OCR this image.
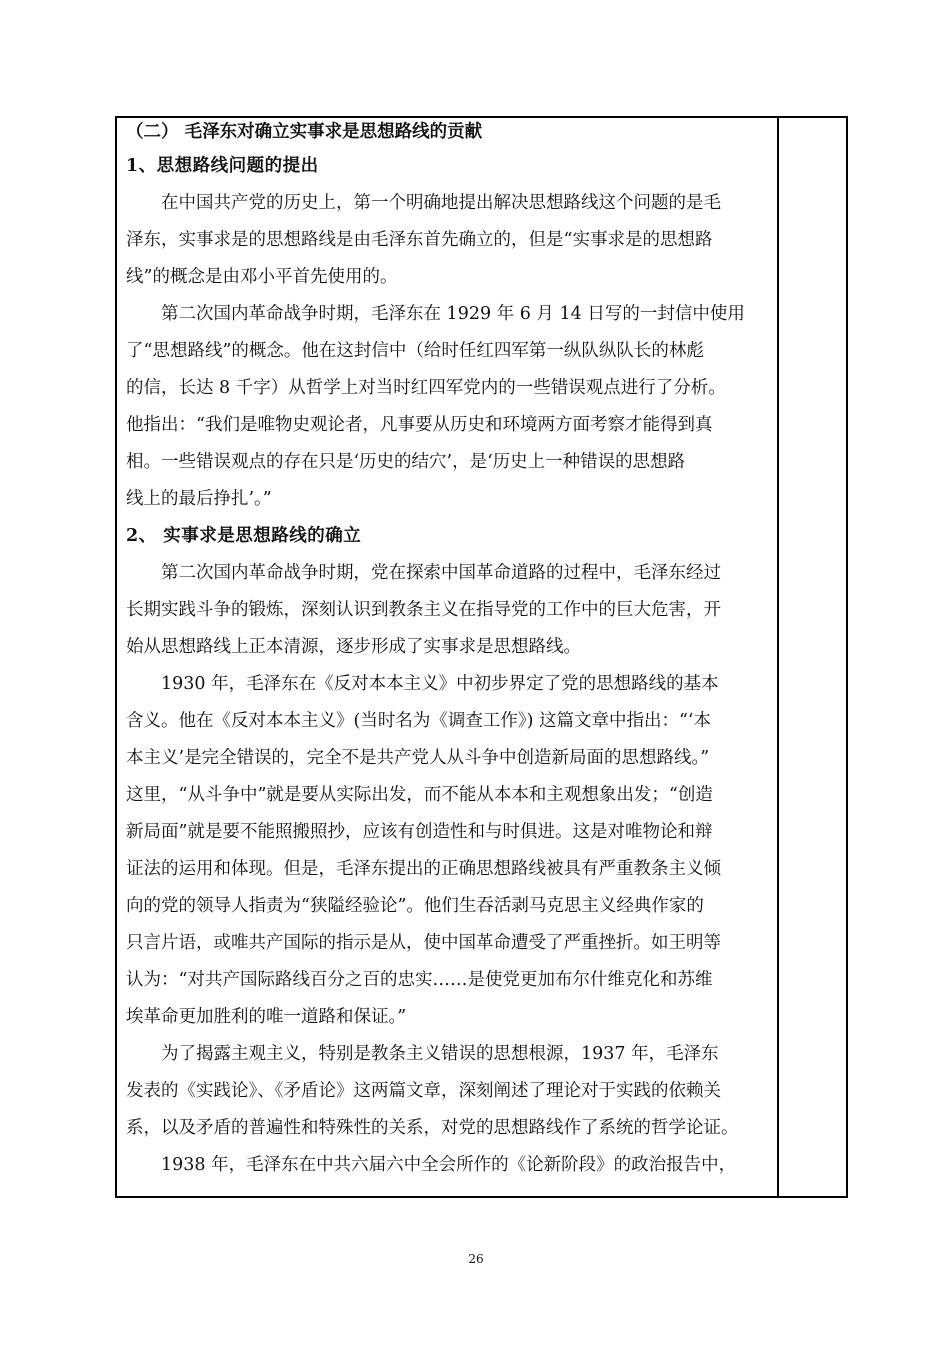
（二） 毛泽东对确立实事求是思想路线的贡献
1、思想路线问题的提出
在中国共产党的历史上，第一个明确地提出解决思想路线这个问题的是毛
泽东，实事求是的思想路线是由毛泽东首先确立的，但是“实事求是的思想路
线”的概念是由邓小平首先使用的。
第二次国内革命战争时期，毛泽东在 1929 年 6 月 14 日写的一封信中使用
了“思想路线”的概念。他在这封信中（给时任红四军第一纵队纵队长的林彪
的信，长达 8 千字）从哲学上对当时红四军党内的一些错误观点进行了分析。
他指出：“我们是唯物史观论者，凡事要从历史和环境两方面考察才能得到真
相。一些错误观点的存在只是‘历史的结穴’，是‘历史上一种错误的思想路
线上的最后挣扎’。”
2、 实事求是思想路线的确立
第二次国内革命战争时期，党在探索中国革命道路的过程中，毛泽东经过
长期实践斗争的锻炼，深刻认识到教条主义在指导党的工作中的巨大危害，开
始从思想路线上正本清源，逐步形成了实事求是思想路线。
1930 年，毛泽东在《反对本本主义》中初步界定了党的思想路线的基本
含义。他在《反对本本主义》(当时名为《调查工作》) 这篇文章中指出：“‘本
本主义’是完全错误的，完全不是共产党人从斗争中创造新局面的思想路线。”
这里，“从斗争中”就是要从实际出发，而不能从本本和主观想象出发；“创造
新局面”就是要不能照搬照抄，应该有创造性和与时俱进。这是对唯物论和辩
证法的运用和体现。但是，毛泽东提出的正确思想路线被具有严重教条主义倾
向的党的领导人指责为“狭隘经验论”。他们生吞活剥马克思主义经典作家的
只言片语，或唯共产国际的指示是从，使中国革命遭受了严重挫折。如王明等
认为：“对共产国际路线百分之百的忠实……是使党更加布尔什维克化和苏维
埃革命更加胜利的唯一道路和保证。”
为了揭露主观主义，特别是教条主义错误的思想根源，1937 年，毛泽东
发表的《实践论》、《矛盾论》这两篇文章，深刻阐述了理论对于实践的依赖关
系，以及矛盾的普遍性和特殊性的关系，对党的思想路线作了系统的哲学论证。
1938 年，毛泽东在中共六届六中全会所作的《论新阶段》的政治报告中，
26
